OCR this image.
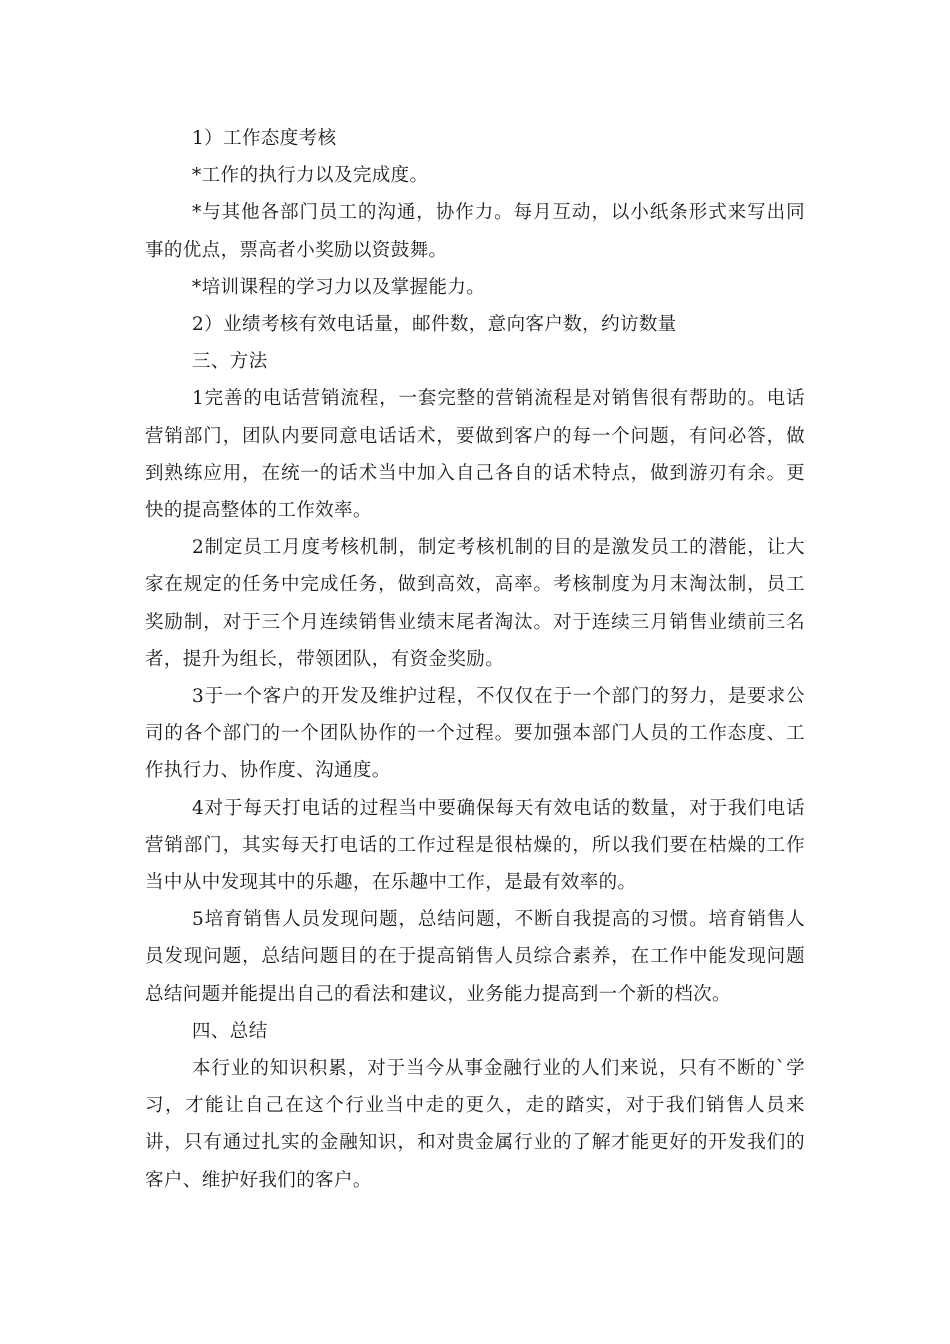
1）工作态度考核

*工作的执行力以及完成度。

*与其他各部门员工的沟通，协作力。每月互动，以小纸条形式来写出同事的优点，票高者小奖励以资鼓舞。

*培训课程的学习力以及掌握能力。

2）业绩考核有效电话量，邮件数，意向客户数，约访数量

三、方法

1完善的电话营销流程，一套完整的营销流程是对销售很有帮助的。电话营销部门，团队内要同意电话话术，要做到客户的每一个问题，有问必答，做到熟练应用，在统一的话术当中加入自己各自的话术特点，做到游刃有余。更快的提高整体的工作效率。

2制定员工月度考核机制，制定考核机制的目的是激发员工的潜能，让大家在规定的任务中完成任务，做到高效，高率。考核制度为月末淘汰制，员工奖励制，对于三个月连续销售业绩末尾者淘汰。对于连续三月销售业绩前三名者，提升为组长，带领团队，有资金奖励。

3于一个客户的开发及维护过程，不仅仅在于一个部门的努力，是要求公司的各个部门的一个团队协作的一个过程。要加强本部门人员的工作态度、工作执行力、协作度、沟通度。

4对于每天打电话的过程当中要确保每天有效电话的数量，对于我们电话营销部门，其实每天打电话的工作过程是很枯燥的，所以我们要在枯燥的工作当中从中发现其中的乐趣，在乐趣中工作，是最有效率的。

5培育销售人员发现问题，总结问题，不断自我提高的习惯。培育销售人员发现问题，总结问题目的在于提高销售人员综合素养，在工作中能发现问题总结问题并能提出自己的看法和建议，业务能力提高到一个新的档次。

四、总结

本行业的知识积累，对于当今从事金融行业的人们来说，只有不断的`学习，才能让自己在这个行业当中走的更久，走的踏实，对于我们销售人员来讲，只有通过扎实的金融知识，和对贵金属行业的了解才能更好的开发我们的客户、维护好我们的客户。
